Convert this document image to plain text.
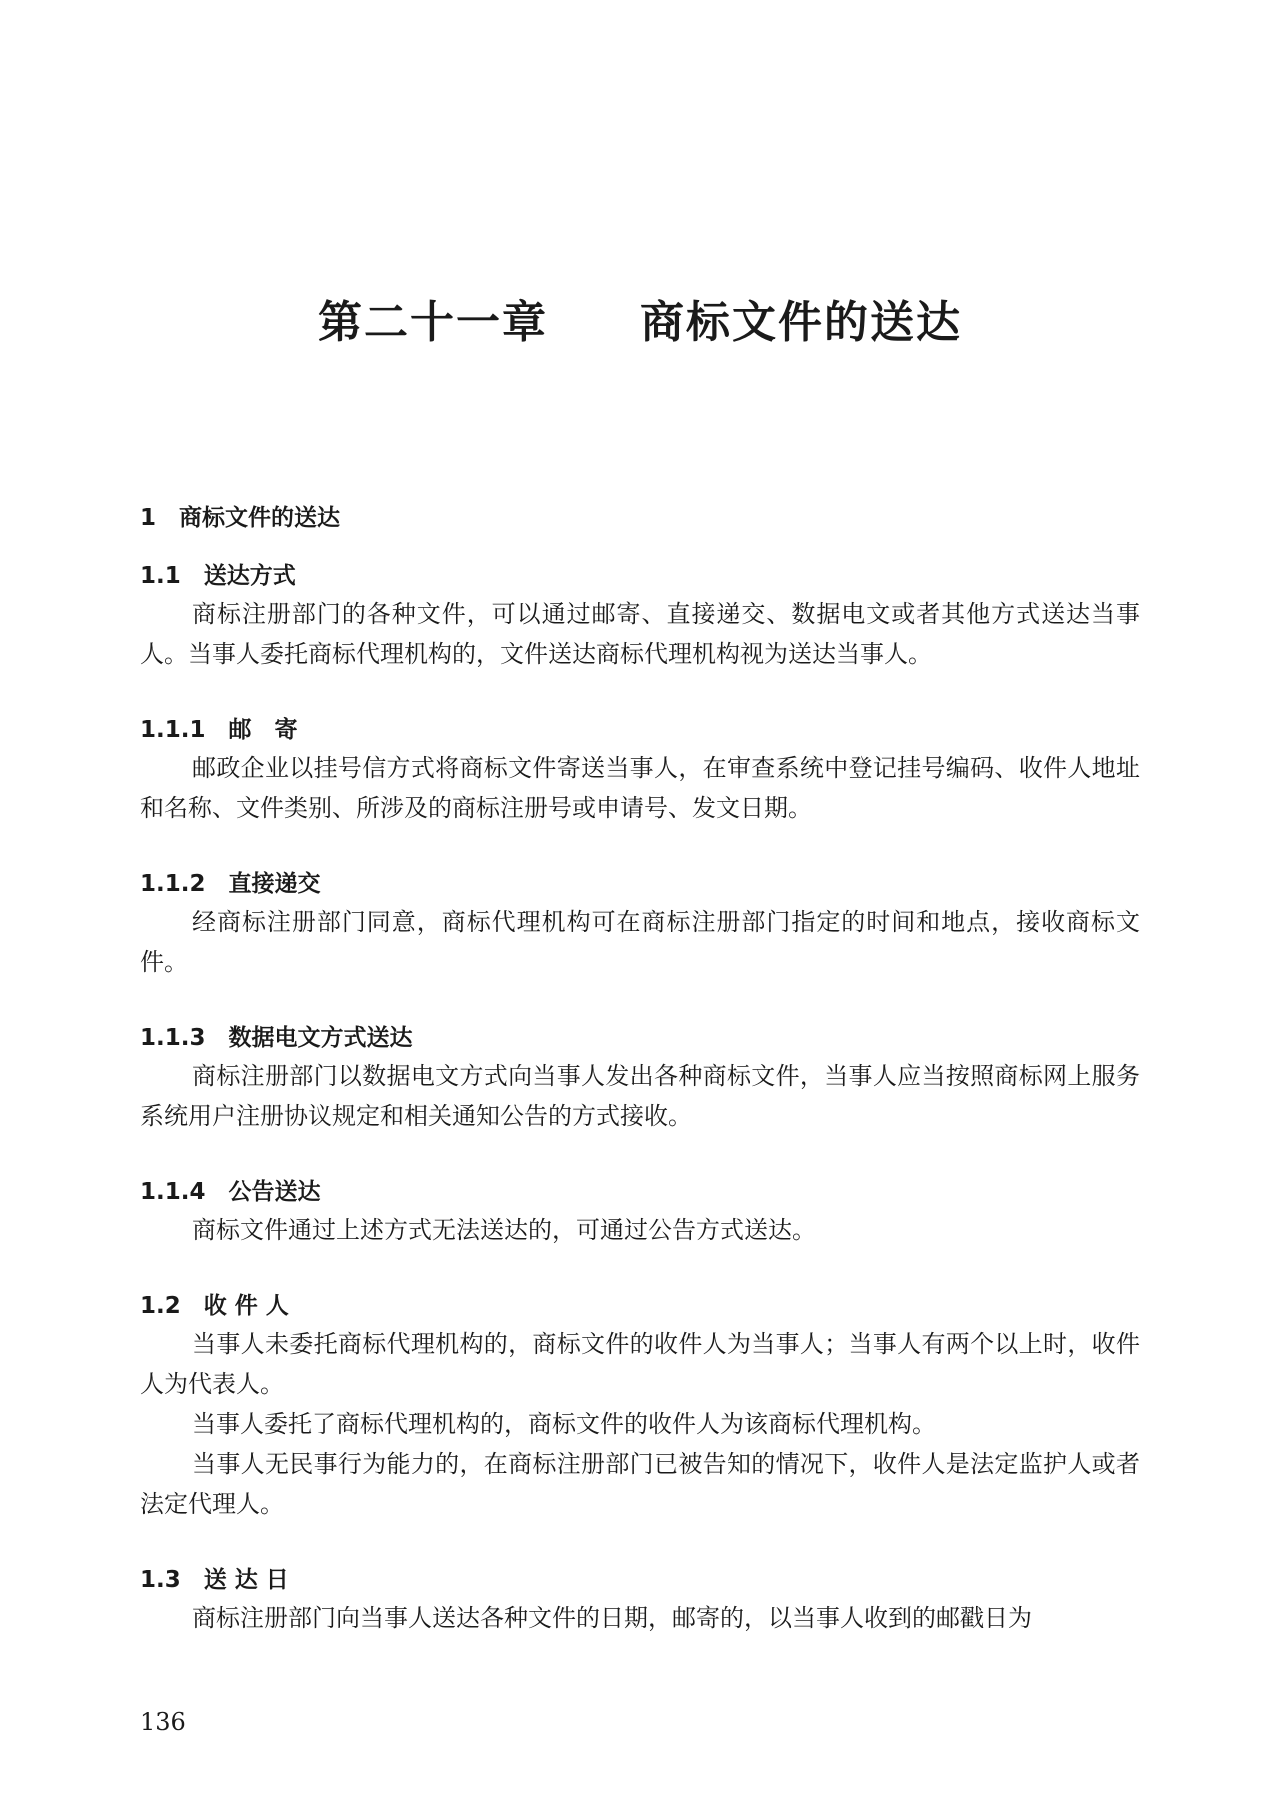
第二十一章　　商标文件的送达

1　商标文件的送达

1.1　送达方式

商标注册部门的各种文件，可以通过邮寄、直接递交、数据电文或者其他方式送达当事人。当事人委托商标代理机构的，文件送达商标代理机构视为送达当事人。

1.1.1　邮　寄

邮政企业以挂号信方式将商标文件寄送当事人，在审查系统中登记挂号编码、收件人地址和名称、文件类别、所涉及的商标注册号或申请号、发文日期。

1.1.2　直接递交

经商标注册部门同意，商标代理机构可在商标注册部门指定的时间和地点，接收商标文件。

1.1.3　数据电文方式送达

商标注册部门以数据电文方式向当事人发出各种商标文件，当事人应当按照商标网上服务系统用户注册协议规定和相关通知公告的方式接收。

1.1.4　公告送达

商标文件通过上述方式无法送达的，可通过公告方式送达。

1.2　收 件 人

当事人未委托商标代理机构的，商标文件的收件人为当事人；当事人有两个以上时，收件人为代表人。

当事人委托了商标代理机构的，商标文件的收件人为该商标代理机构。

当事人无民事行为能力的，在商标注册部门已被告知的情况下，收件人是法定监护人或者法定代理人。

1.3　送 达 日

商标注册部门向当事人送达各种文件的日期，邮寄的，以当事人收到的邮戳日为

136
